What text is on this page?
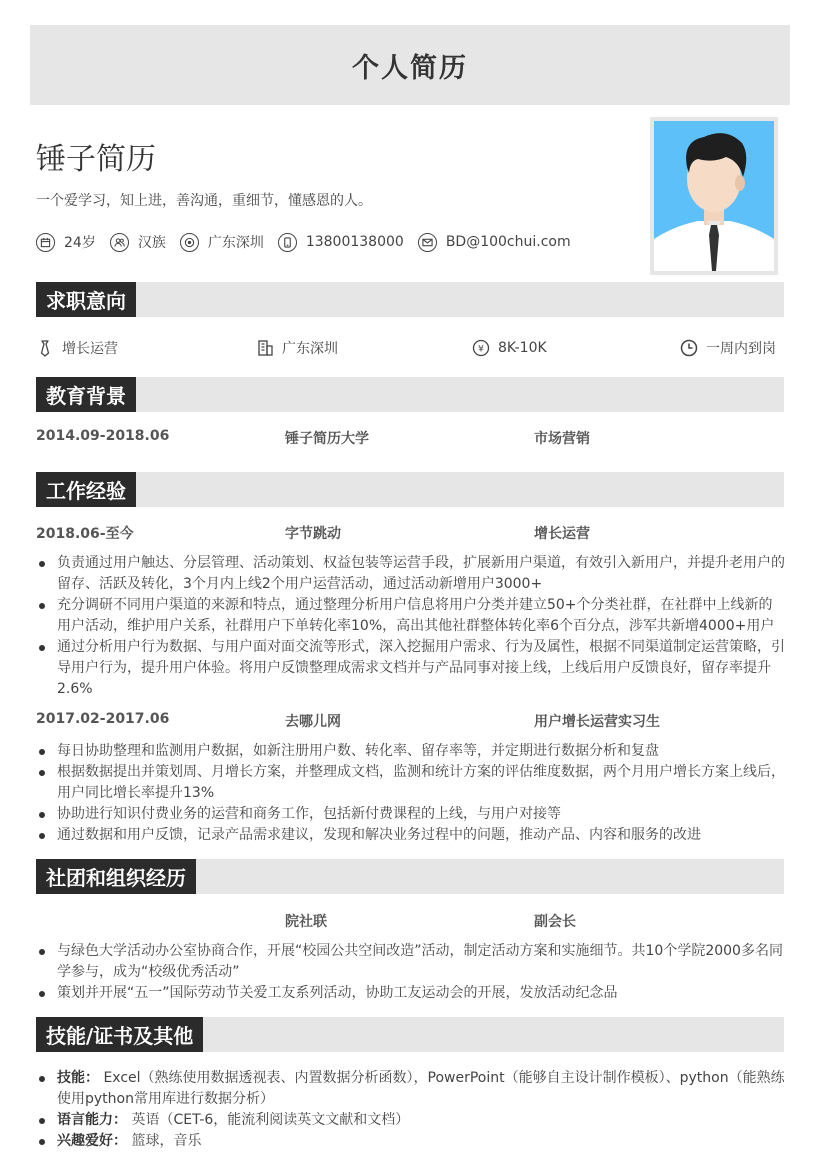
个人简历
锤子简历
一个爱学习，知上进，善沟通，重细节，懂感恩的人。
24岁	汉族	广东深圳	13800138000	BD@100chui.com
求职意向
增长运营	广东深圳	¥ 8K-10K	一周内到岗
教育背景
2014.09-2018.06	锤子简历大学	市场营销
工作经验
2018.06-至今	字节跳动	增长运营
负责通过用户触达、分层管理、活动策划、权益包装等运营手段，扩展新用户渠道，有效引入新用户，并提升老用户的留存、活跃及转化，3个月内上线2个用户运营活动，通过活动新增用户3000+
充分调研不同用户渠道的来源和特点，通过整理分析用户信息将用户分类并建立50+个分类社群，在社群中上线新的用户活动，维护用户关系，社群用户下单转化率10%，高出其他社群整体转化率6个百分点，涉军共新增4000+用户
通过分析用户行为数据、与用户面对面交流等形式，深入挖掘用户需求、行为及属性，根据不同渠道制定运营策略，引导用户行为，提升用户体验。将用户反馈整理成需求文档并与产品同事对接上线，上线后用户反馈良好，留存率提升2.6%
2017.02-2017.06	去哪儿网	用户增长运营实习生
每日协助整理和监测用户数据，如新注册用户数、转化率、留存率等，并定期进行数据分析和复盘
根据数据提出并策划周、月增长方案，并整理成文档，监测和统计方案的评估维度数据，两个月用户增长方案上线后，用户同比增长率提升13%
协助进行知识付费业务的运营和商务工作，包括新付费课程的上线，与用户对接等
通过数据和用户反馈，记录产品需求建议，发现和解决业务过程中的问题，推动产品、内容和服务的改进
社团和组织经历
院社联	副会长
与绿色大学活动办公室协商合作，开展“校园公共空间改造”活动，制定活动方案和实施细节。共10个学院2000多名同学参与，成为“校级优秀活动”
策划并开展“五一”国际劳动节关爱工友系列活动，协助工友运动会的开展，发放活动纪念品
技能/证书及其他
技能： Excel（熟练使用数据透视表、内置数据分析函数），PowerPoint（能够自主设计制作模板）、python（能熟练使用python常用库进行数据分析）
语言能力： 英语（CET-6，能流利阅读英文文献和文档）
兴趣爱好： 篮球，音乐
